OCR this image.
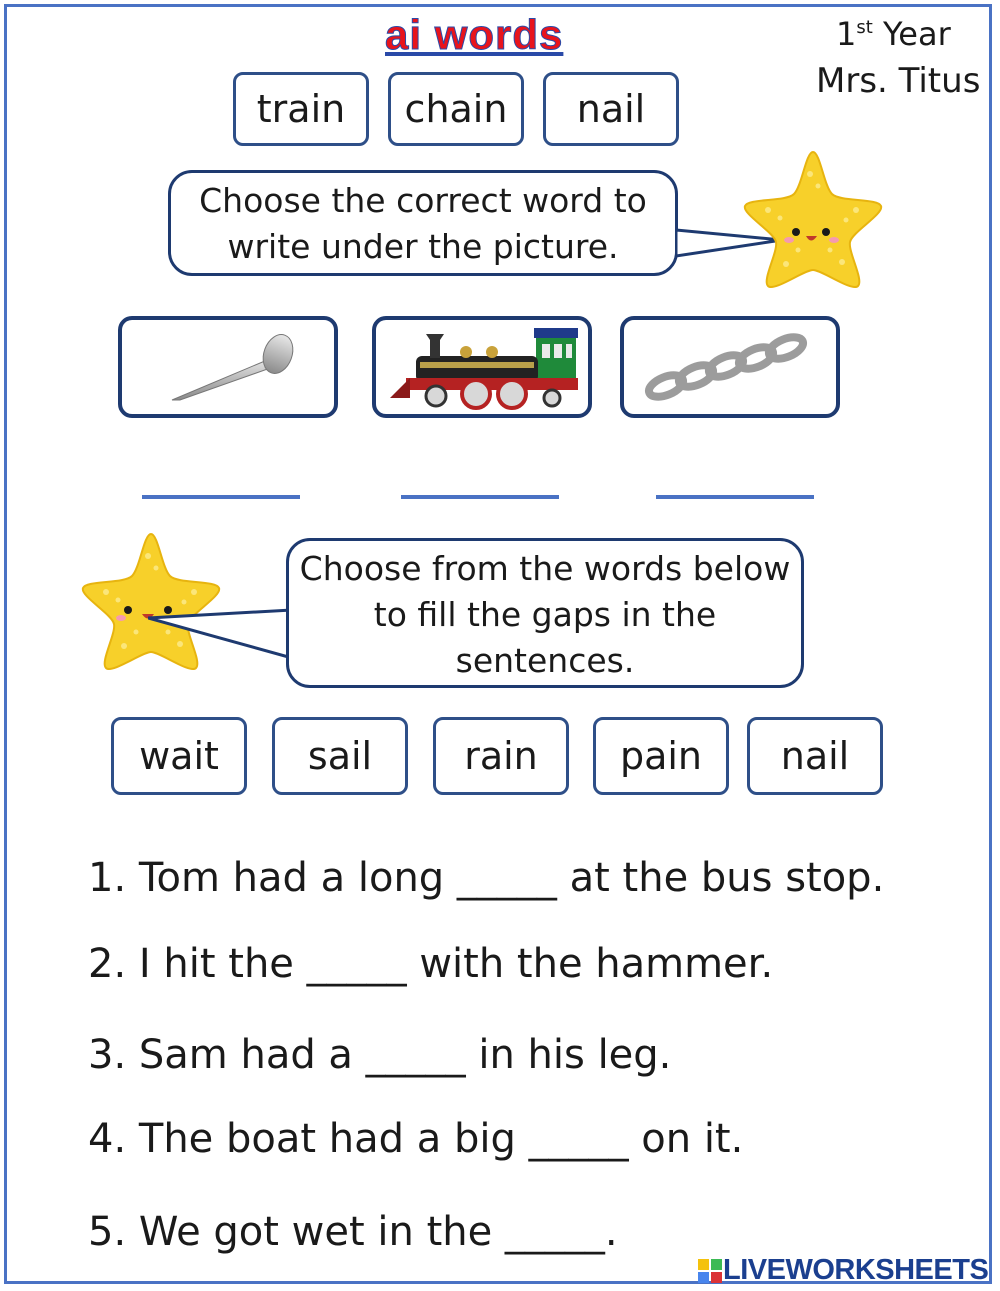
ai words	1st Year
Mrs. Titus
train	chain	nail
Choose the correct word to
write under the picture.
Choose from the words below
to fill the gaps in the
sentences.
wait	sail	rain	pain	nail
1. Tom had a long _____ at the bus stop.
2. I hit the _____ with the hammer.
3. Sam had a _____ in his leg.
4. The boat had a big _____ on it.
5. We got wet in the _____.
LIVEWORKSHEETS
